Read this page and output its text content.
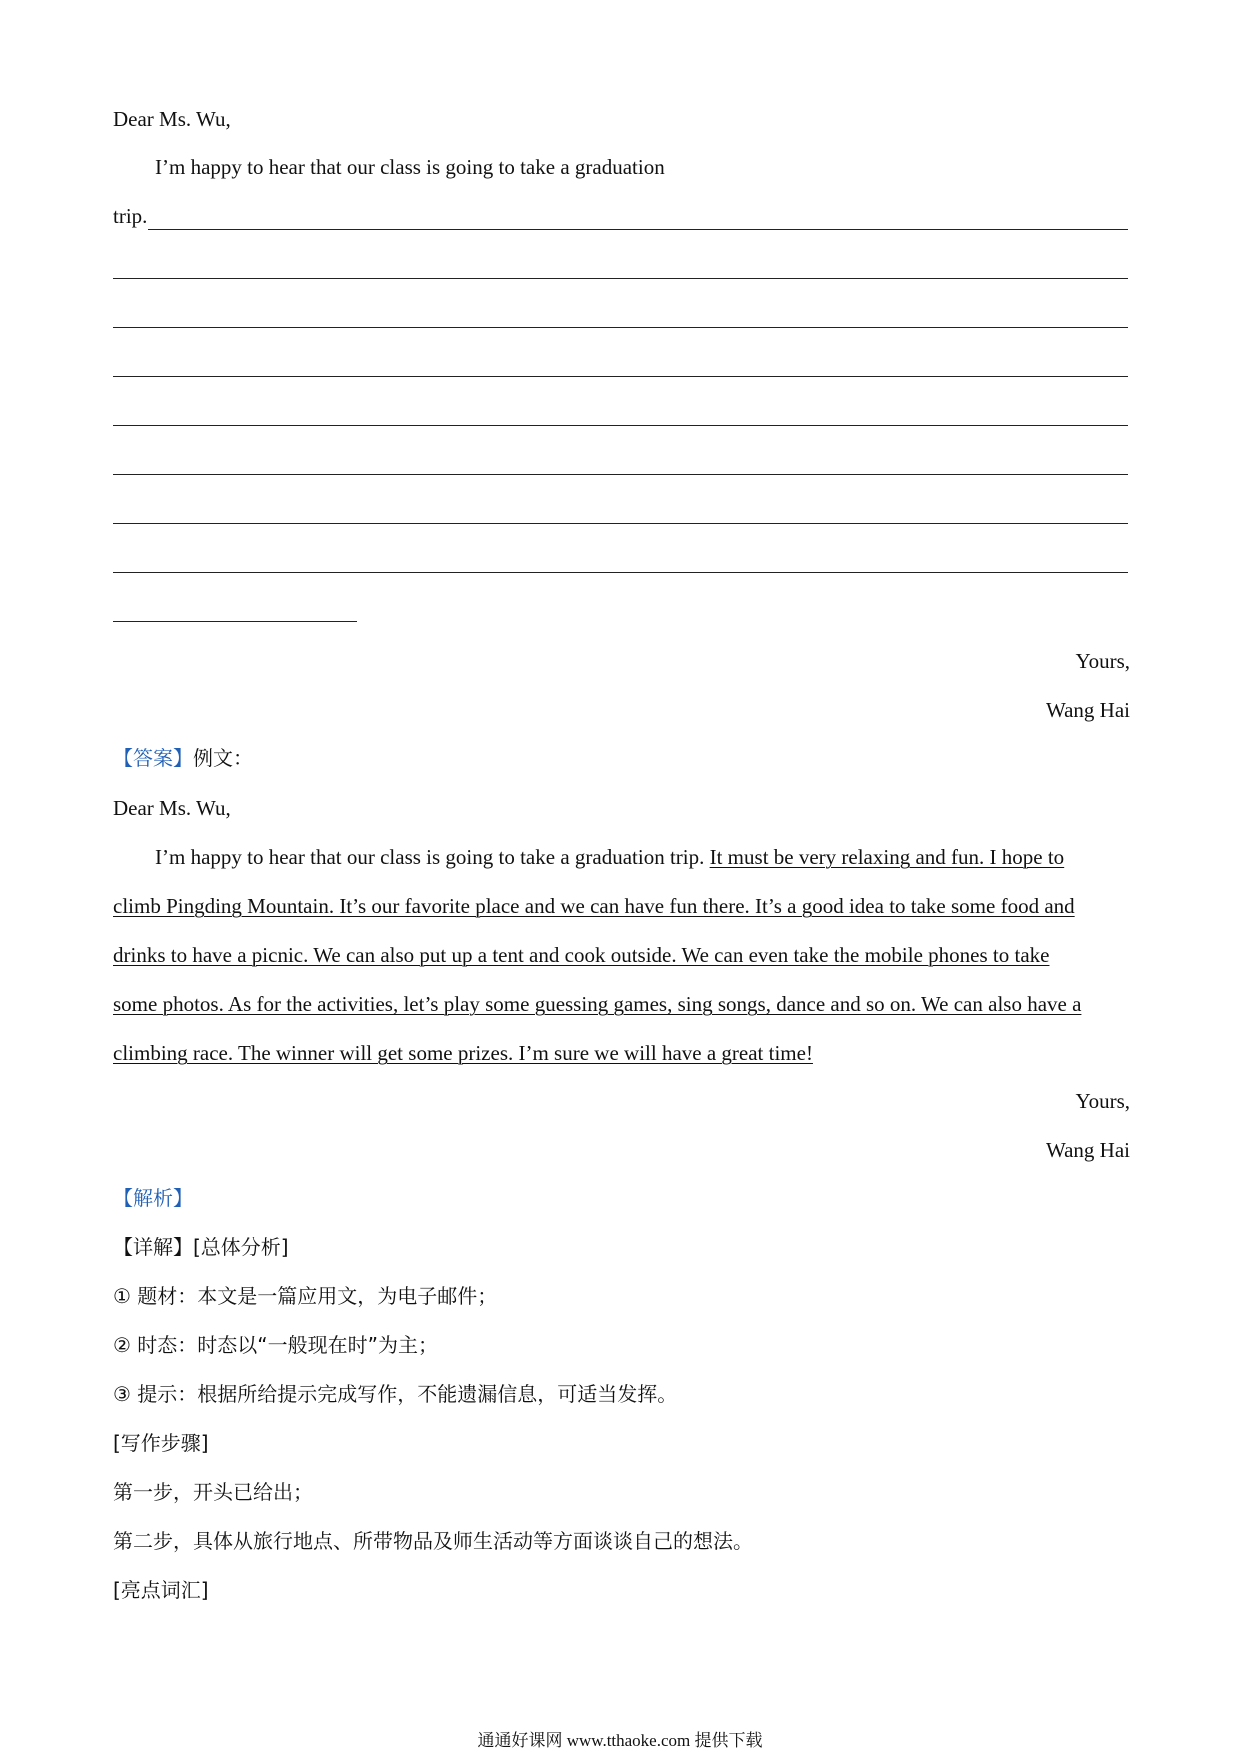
Dear Ms. Wu,
I’m happy to hear that our class is going to take a graduation
trip.
Yours,
Wang Hai
【答案】例文：
Dear Ms. Wu,
I’m happy to hear that our class is going to take a graduation trip. It must be very relaxing and fun. I hope to
climb Pingding Mountain. It’s our favorite place and we can have fun there. It’s a good idea to take some food and
drinks to have a picnic. We can also put up a tent and cook outside. We can even take the mobile phones to take
some photos. As for the activities, let’s play some guessing games, sing songs, dance and so on. We can also have a
climbing race. The winner will get some prizes. I’m sure we will have a great time!
Yours,
Wang Hai
【解析】
【详解】[总体分析]
① 题材：本文是一篇应用文，为电子邮件；
② 时态：时态以“一般现在时”为主；
③ 提示：根据所给提示完成写作，不能遗漏信息，可适当发挥。
[写作步骤]
第一步，开头已给出；
第二步，具体从旅行地点、所带物品及师生活动等方面谈谈自己的想法。
[亮点词汇]
通通好课网 www.tthaoke.com 提供下载
